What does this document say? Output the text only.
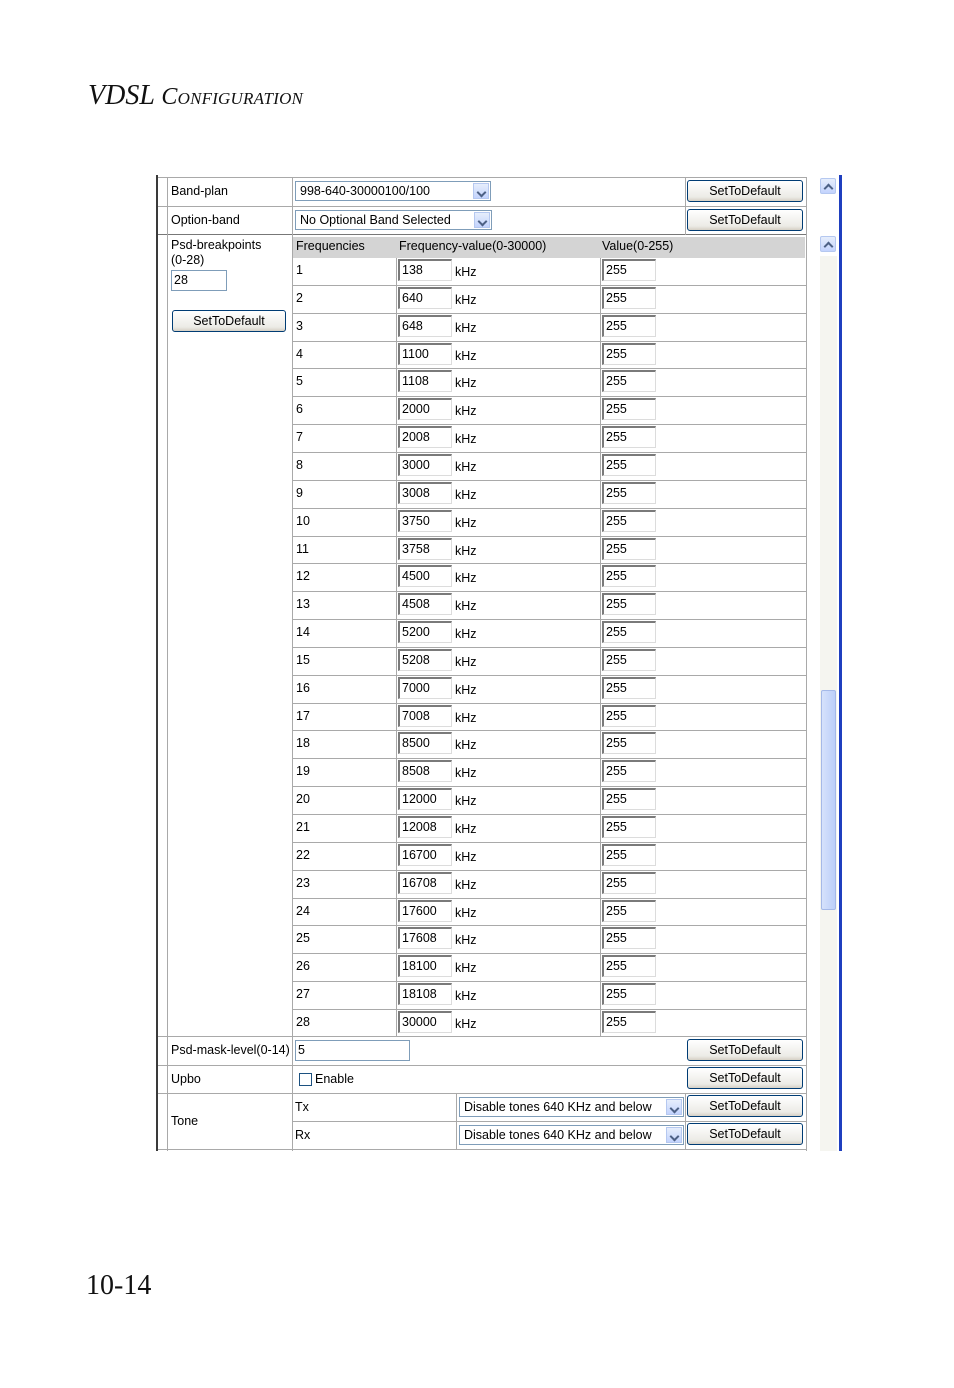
VDSL Configuration
Band-plan	998-640-30000100/100	SetToDefault
Option-band	No Optional Band Selected	SetToDefault
Psd-breakpoints
(0-28)
28
SetToDefault
Frequencies	Frequency-value(0-30000)	Value(0-255)
1	138	kHz	255
2	640	kHz	255
3	648	kHz	255
4	1100	kHz	255
5	1108	kHz	255
6	2000	kHz	255
7	2008	kHz	255
8	3000	kHz	255
9	3008	kHz	255
10	3750	kHz	255
11	3758	kHz	255
12	4500	kHz	255
13	4508	kHz	255
14	5200	kHz	255
15	5208	kHz	255
16	7000	kHz	255
17	7008	kHz	255
18	8500	kHz	255
19	8508	kHz	255
20	12000	kHz	255
21	12008	kHz	255
22	16700	kHz	255
23	16708	kHz	255
24	17600	kHz	255
25	17608	kHz	255
26	18100	kHz	255
27	18108	kHz	255
28	30000	kHz	255
Psd-mask-level(0-14) 5	SetToDefault
Upbo	Enable	SetToDefault
Tone
Tx	Disable tones 640 KHz and below	SetToDefault
Rx	Disable tones 640 KHz and below	SetToDefault
10-14
